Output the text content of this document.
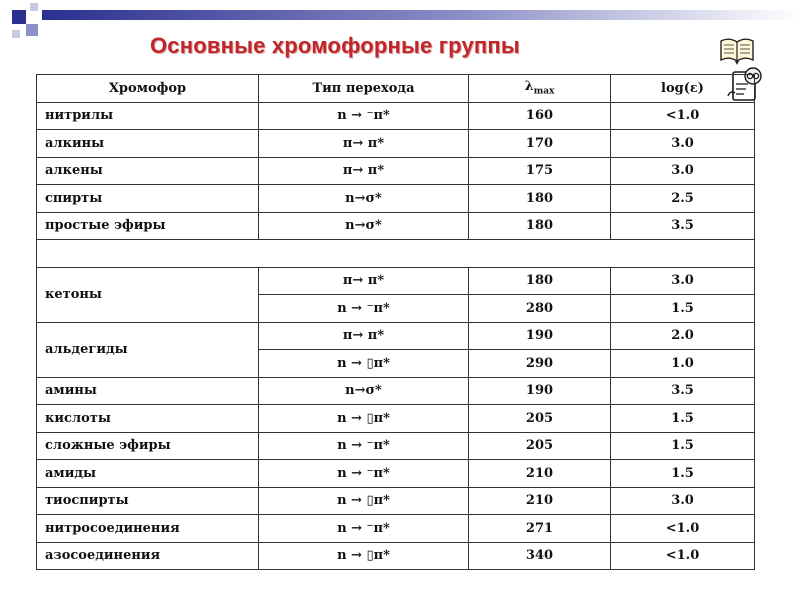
Основные хромофорные группы
Хромофор	Тип перехода	$\lambda_{max}$	log(ε)
нитрилы	n → ⁻π*	160	<1.0
алкины	π→ π*	170	3.0
алкены	π→ π*	175	3.0
спирты	n→σ*	180	2.5
простые эфиры	n→σ*	180	3.5

кетоны	π→ π*	180	3.0
	n → ⁻π*	280	1.5
альдегиды	π→ π*	190	2.0
	n → ▯π*	290	1.0
амины	n→σ*	190	3.5
кислоты	n → ▯π*	205	1.5
сложные эфиры	n → ⁻π*	205	1.5
амиды	n → ⁻π*	210	1.5
тиоспирты	n → ▯π*	210	3.0
нитросоединения	n → ⁻π*	271	<1.0
азосоединения	n → ▯π*	340	<1.0
